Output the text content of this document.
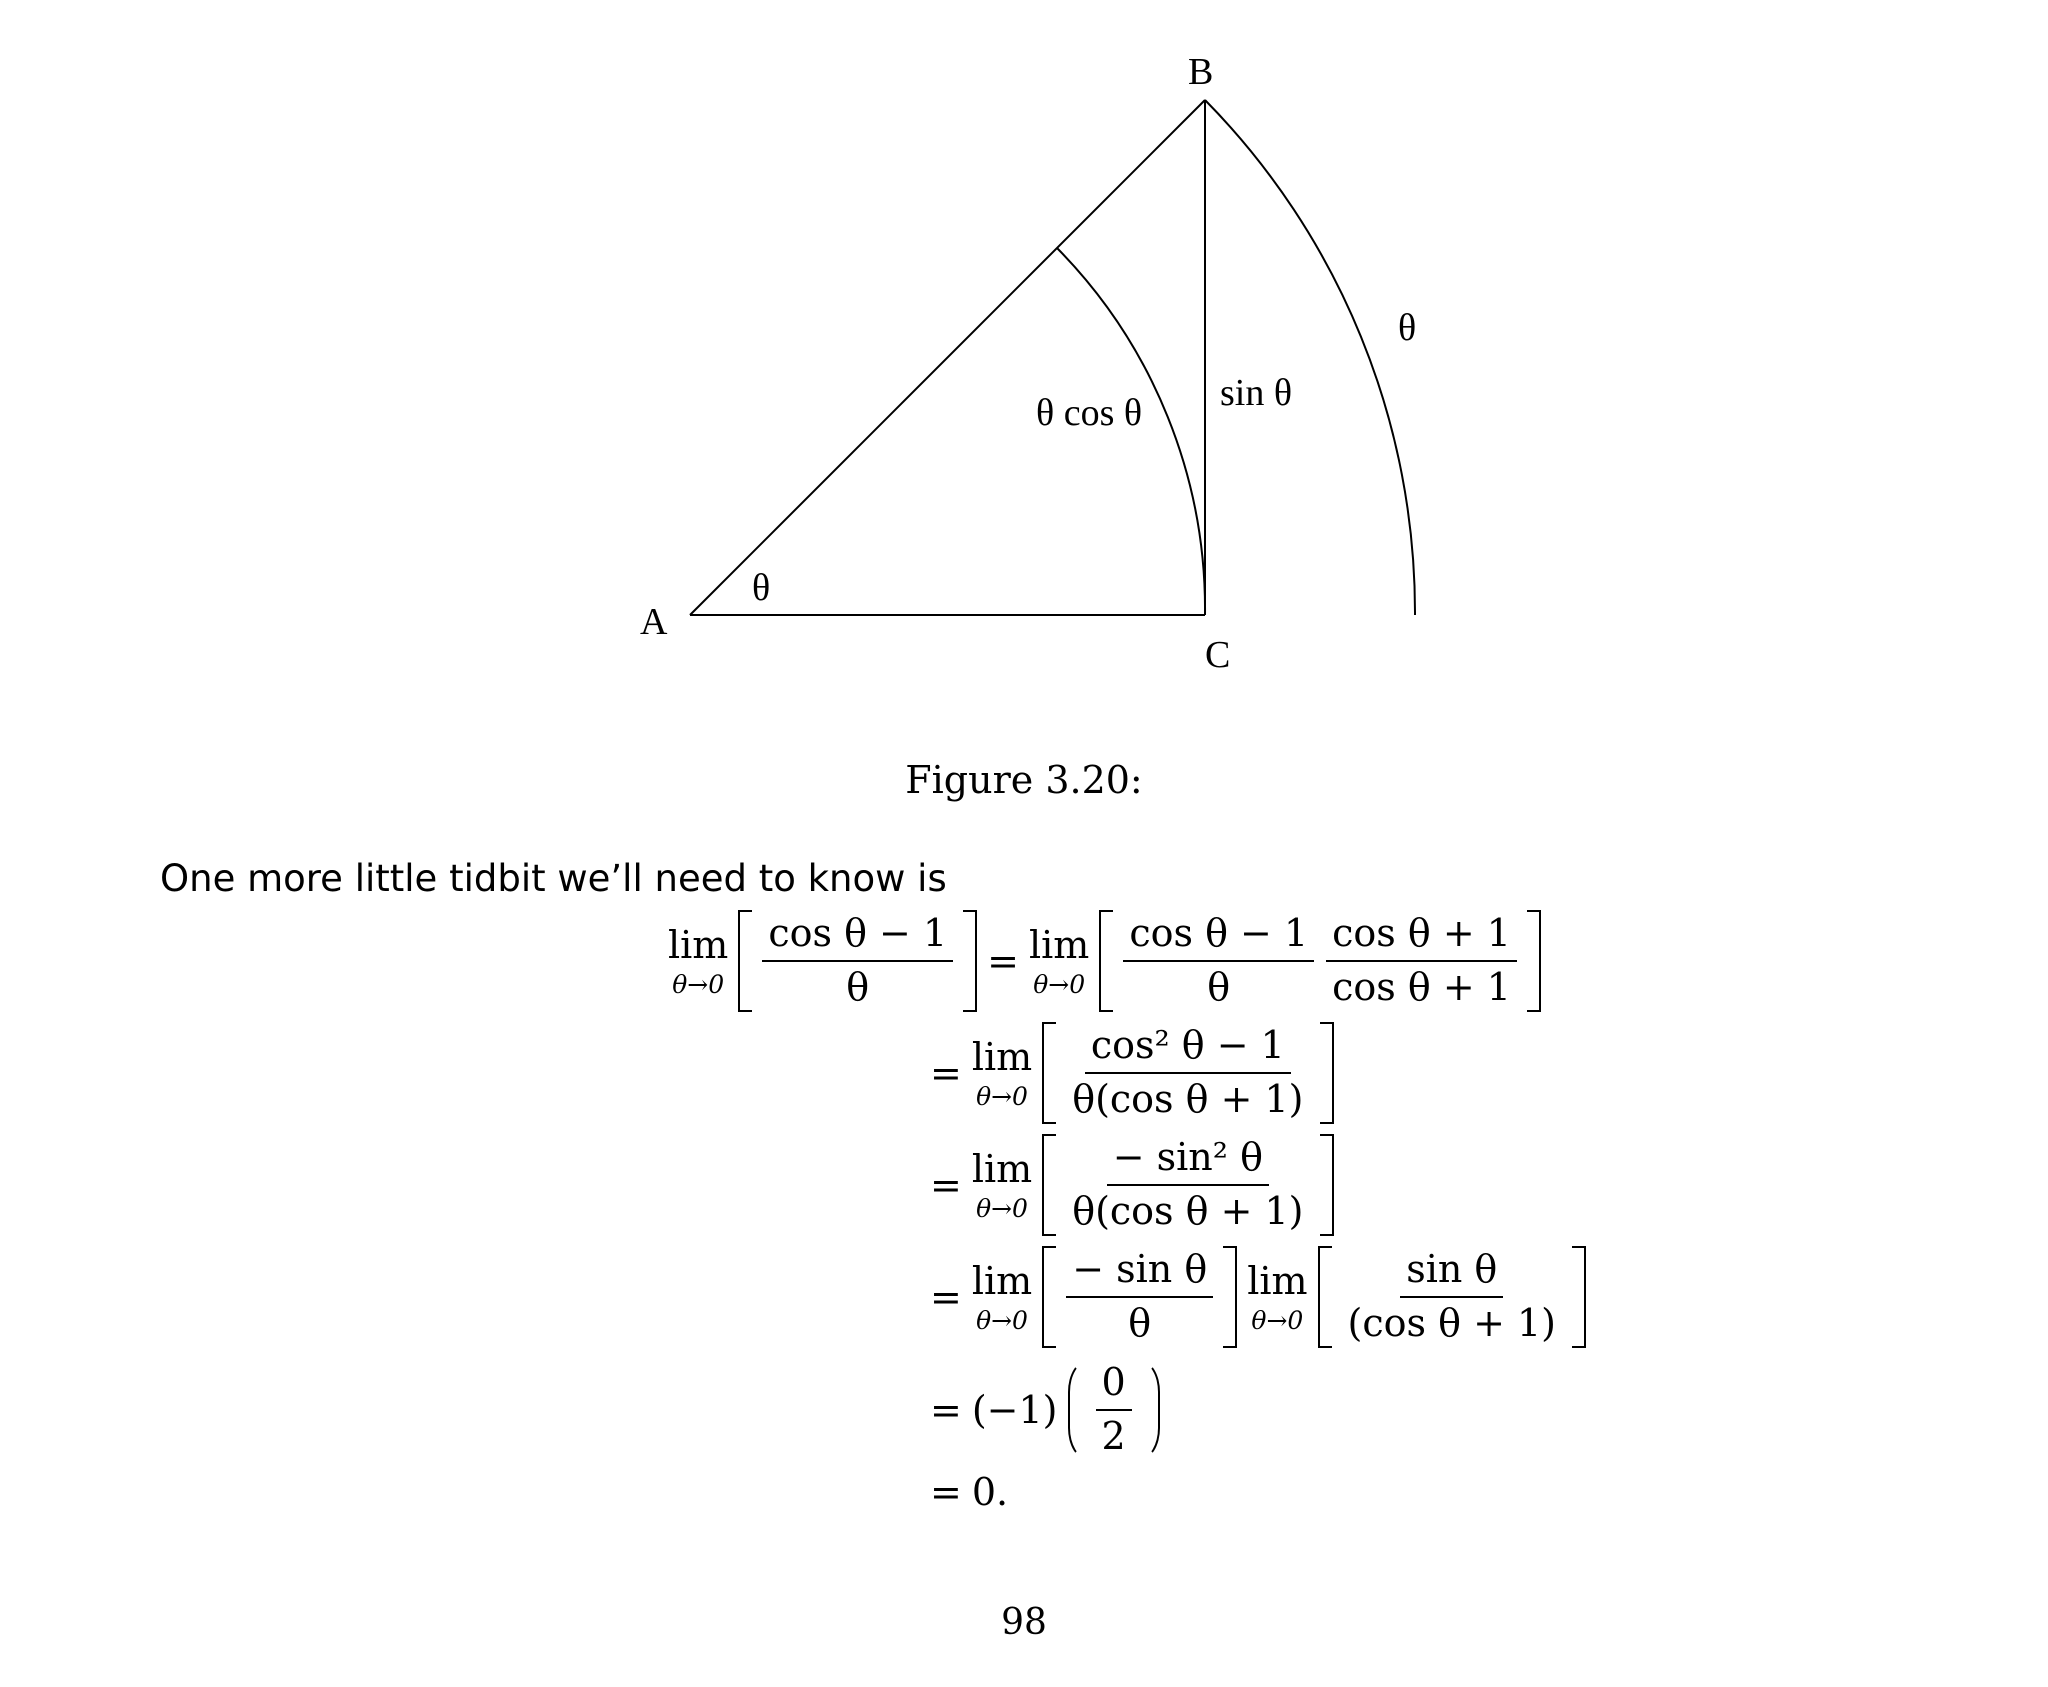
A
B
C
θ
θ
sin θ
θ cos θ
Figure 3.20:
One more little tidbit we’ll need to know is
lim
$\theta\to 0 \frac{\text{cos θ − 1}}{\theta} = \lim$
$\theta\to 0 \frac{\text{cos θ − 1}}{\theta} \frac{\text{cos θ + 1}}{\text{cos θ + 1}}$
= lim
$\theta\to 0 \frac{\text{cos² θ − 1}}{\text{θ(cos θ + 1)}}$
= lim
$\theta\to 0 \frac{\text{− sin² θ}}{\text{θ(cos θ + 1)}}$
= lim
$\theta\to 0 \frac{\text{− sin θ}}{\theta}$ lim
$\theta\to 0 \frac{\text{sin θ}}{\text{(cos θ + 1)}}$
= $(-1) \frac{0}{2}$
= 0.
98
